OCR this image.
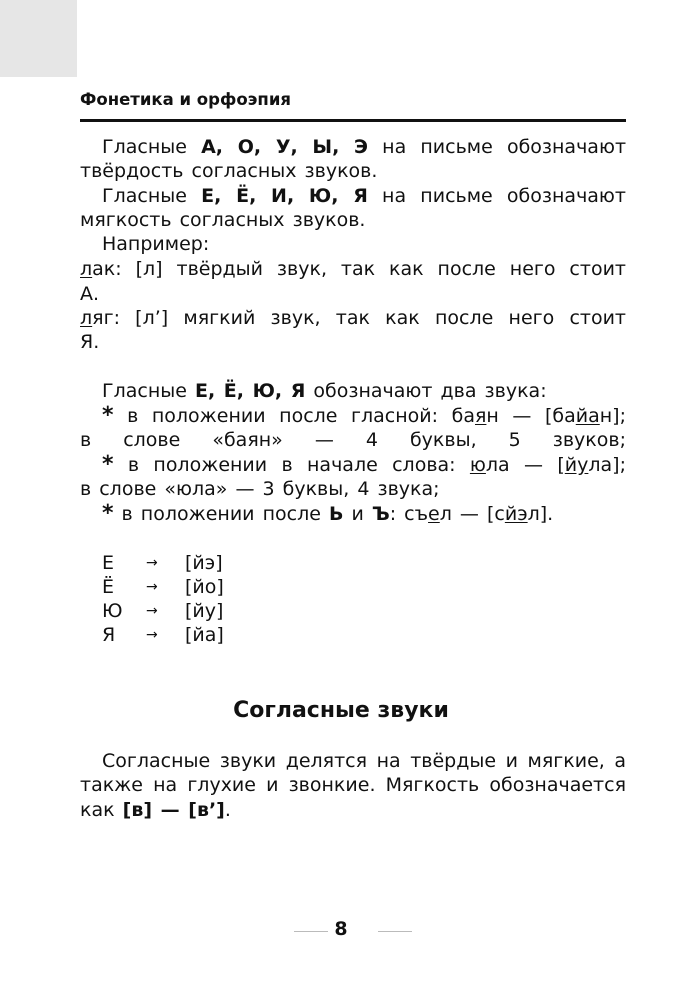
Фонетика и орфоэпия
Гласные А, О, У, Ы, Э на письме обозначают
твёрдость согласных звуков.
Гласные Е, Ё, И, Ю, Я на письме обозначают
мягкость согласных звуков.
Например:
лак: [л] твёрдый звук, так как после него стоит
А.
ляг: [л’] мягкий звук, так как после него стоит
Я.
Гласные Е, Ё, Ю, Я обозначают два звука:
* в положении после гласной: баян — [байан];
в слове «баян» — 4 буквы, 5 звуков;
* в положении в начале слова: юла — [йула];
в слове «юла» — 3 буквы, 4 звука;
* в положении после Ь и Ъ: съел — [сйэл].
Е → [йэ]
Ё → [йо]
Ю → [йу]
Я → [йа]
Согласные звуки
Согласные звуки делятся на твёрдые и мягкие, а
также на глухие и звонкие. Мягкость обозначается
как [в] — [в’].
8
